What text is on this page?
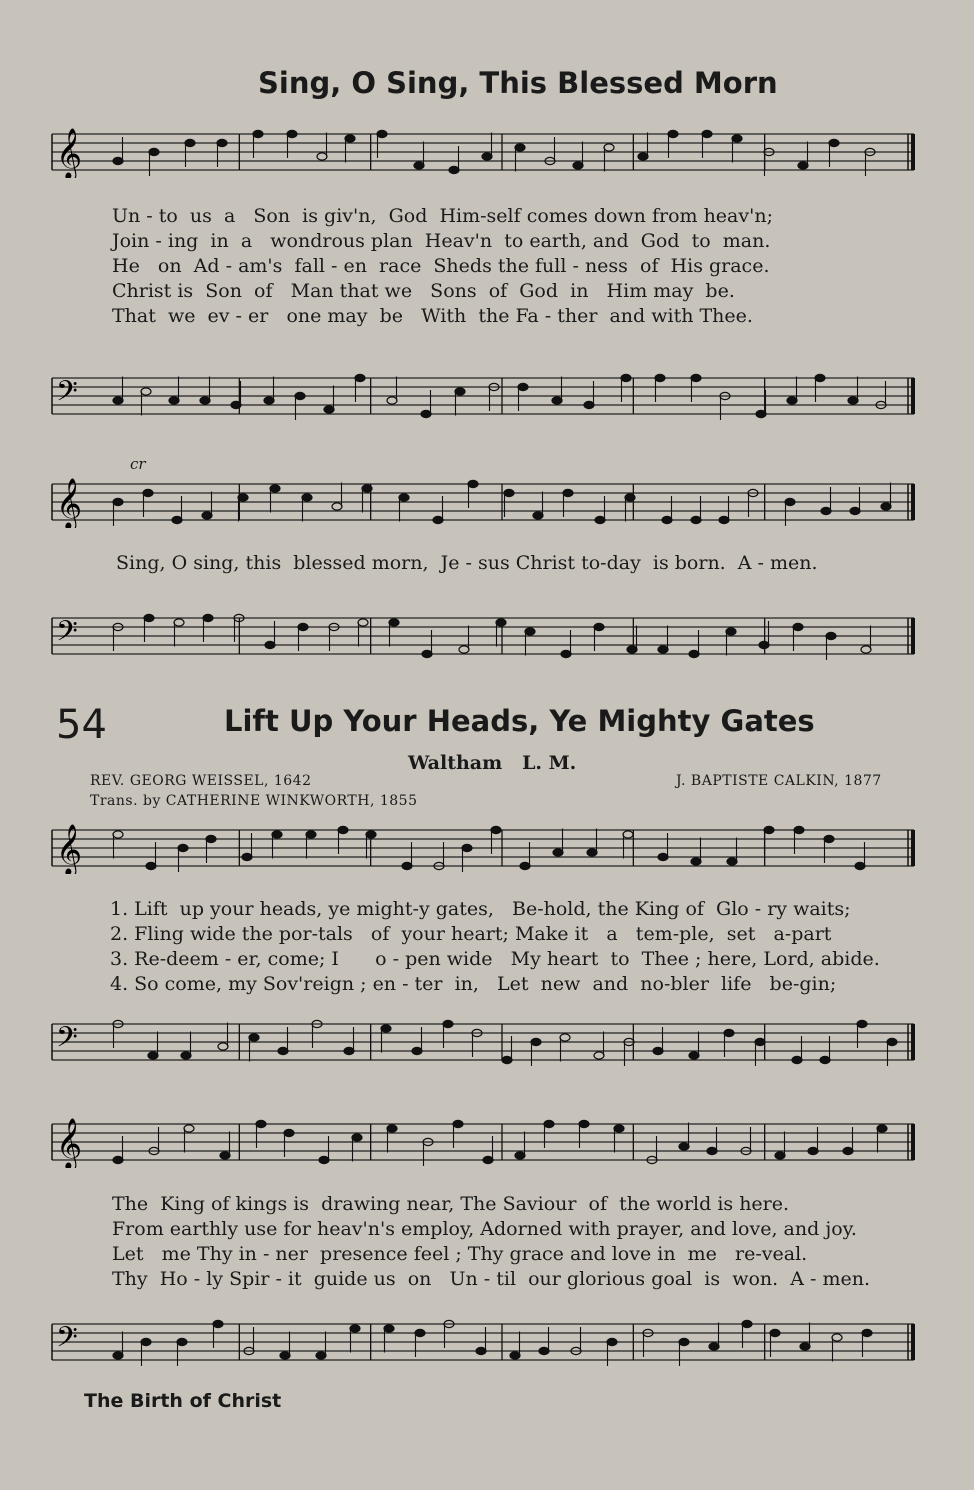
Sing, O Sing, This Blessed Morn
𝄞
Un - to  us  a   Son  is giv'n,  God  Him-self comes down from heav'n;
Join - ing  in  a   wondrous plan  Heav'n  to earth, and  God  to  man.
He   on  Ad - am's  fall - en  race  Sheds the full - ness  of  His grace.
Christ is  Son  of   Man that we   Sons  of  God  in   Him may  be.
That  we  ev - er   one may  be   With  the Fa - ther  and with Thee.
𝄢
cr
𝄞
Sing, O sing, this  blessed morn,  Je - sus Christ to-day  is born.  A - men.
𝄢
54	Lift Up Your Heads, Ye Mighty Gates
Waltham   L. M.
REV. GEORG WEISSEL, 1642
Trans. by CATHERINE WINKWORTH, 1855
J. BAPTISTE CALKIN, 1877
𝄞
1. Lift  up your heads, ye might-y gates,   Be-hold, the King of  Glo - ry waits;
2. Fling wide the por-tals   of  your heart; Make it   a   tem-ple,  set   a-part
3. Re-deem - er, come; I      o - pen wide   My heart  to  Thee ; here, Lord, abide.
4. So come, my Sov'reign ; en - ter  in,   Let  new  and  no-bler  life   be-gin;
𝄢
𝄞
The  King of kings is  drawing near, The Saviour  of  the world is here.
From earthly use for heav'n's employ, Adorned with prayer, and love, and joy.
Let   me Thy in - ner  presence feel ; Thy grace and love in  me   re-veal.
Thy  Ho - ly Spir - it  guide us  on   Un - til  our glorious goal  is  won.  A - men.
𝄢
The Birth of Christ
